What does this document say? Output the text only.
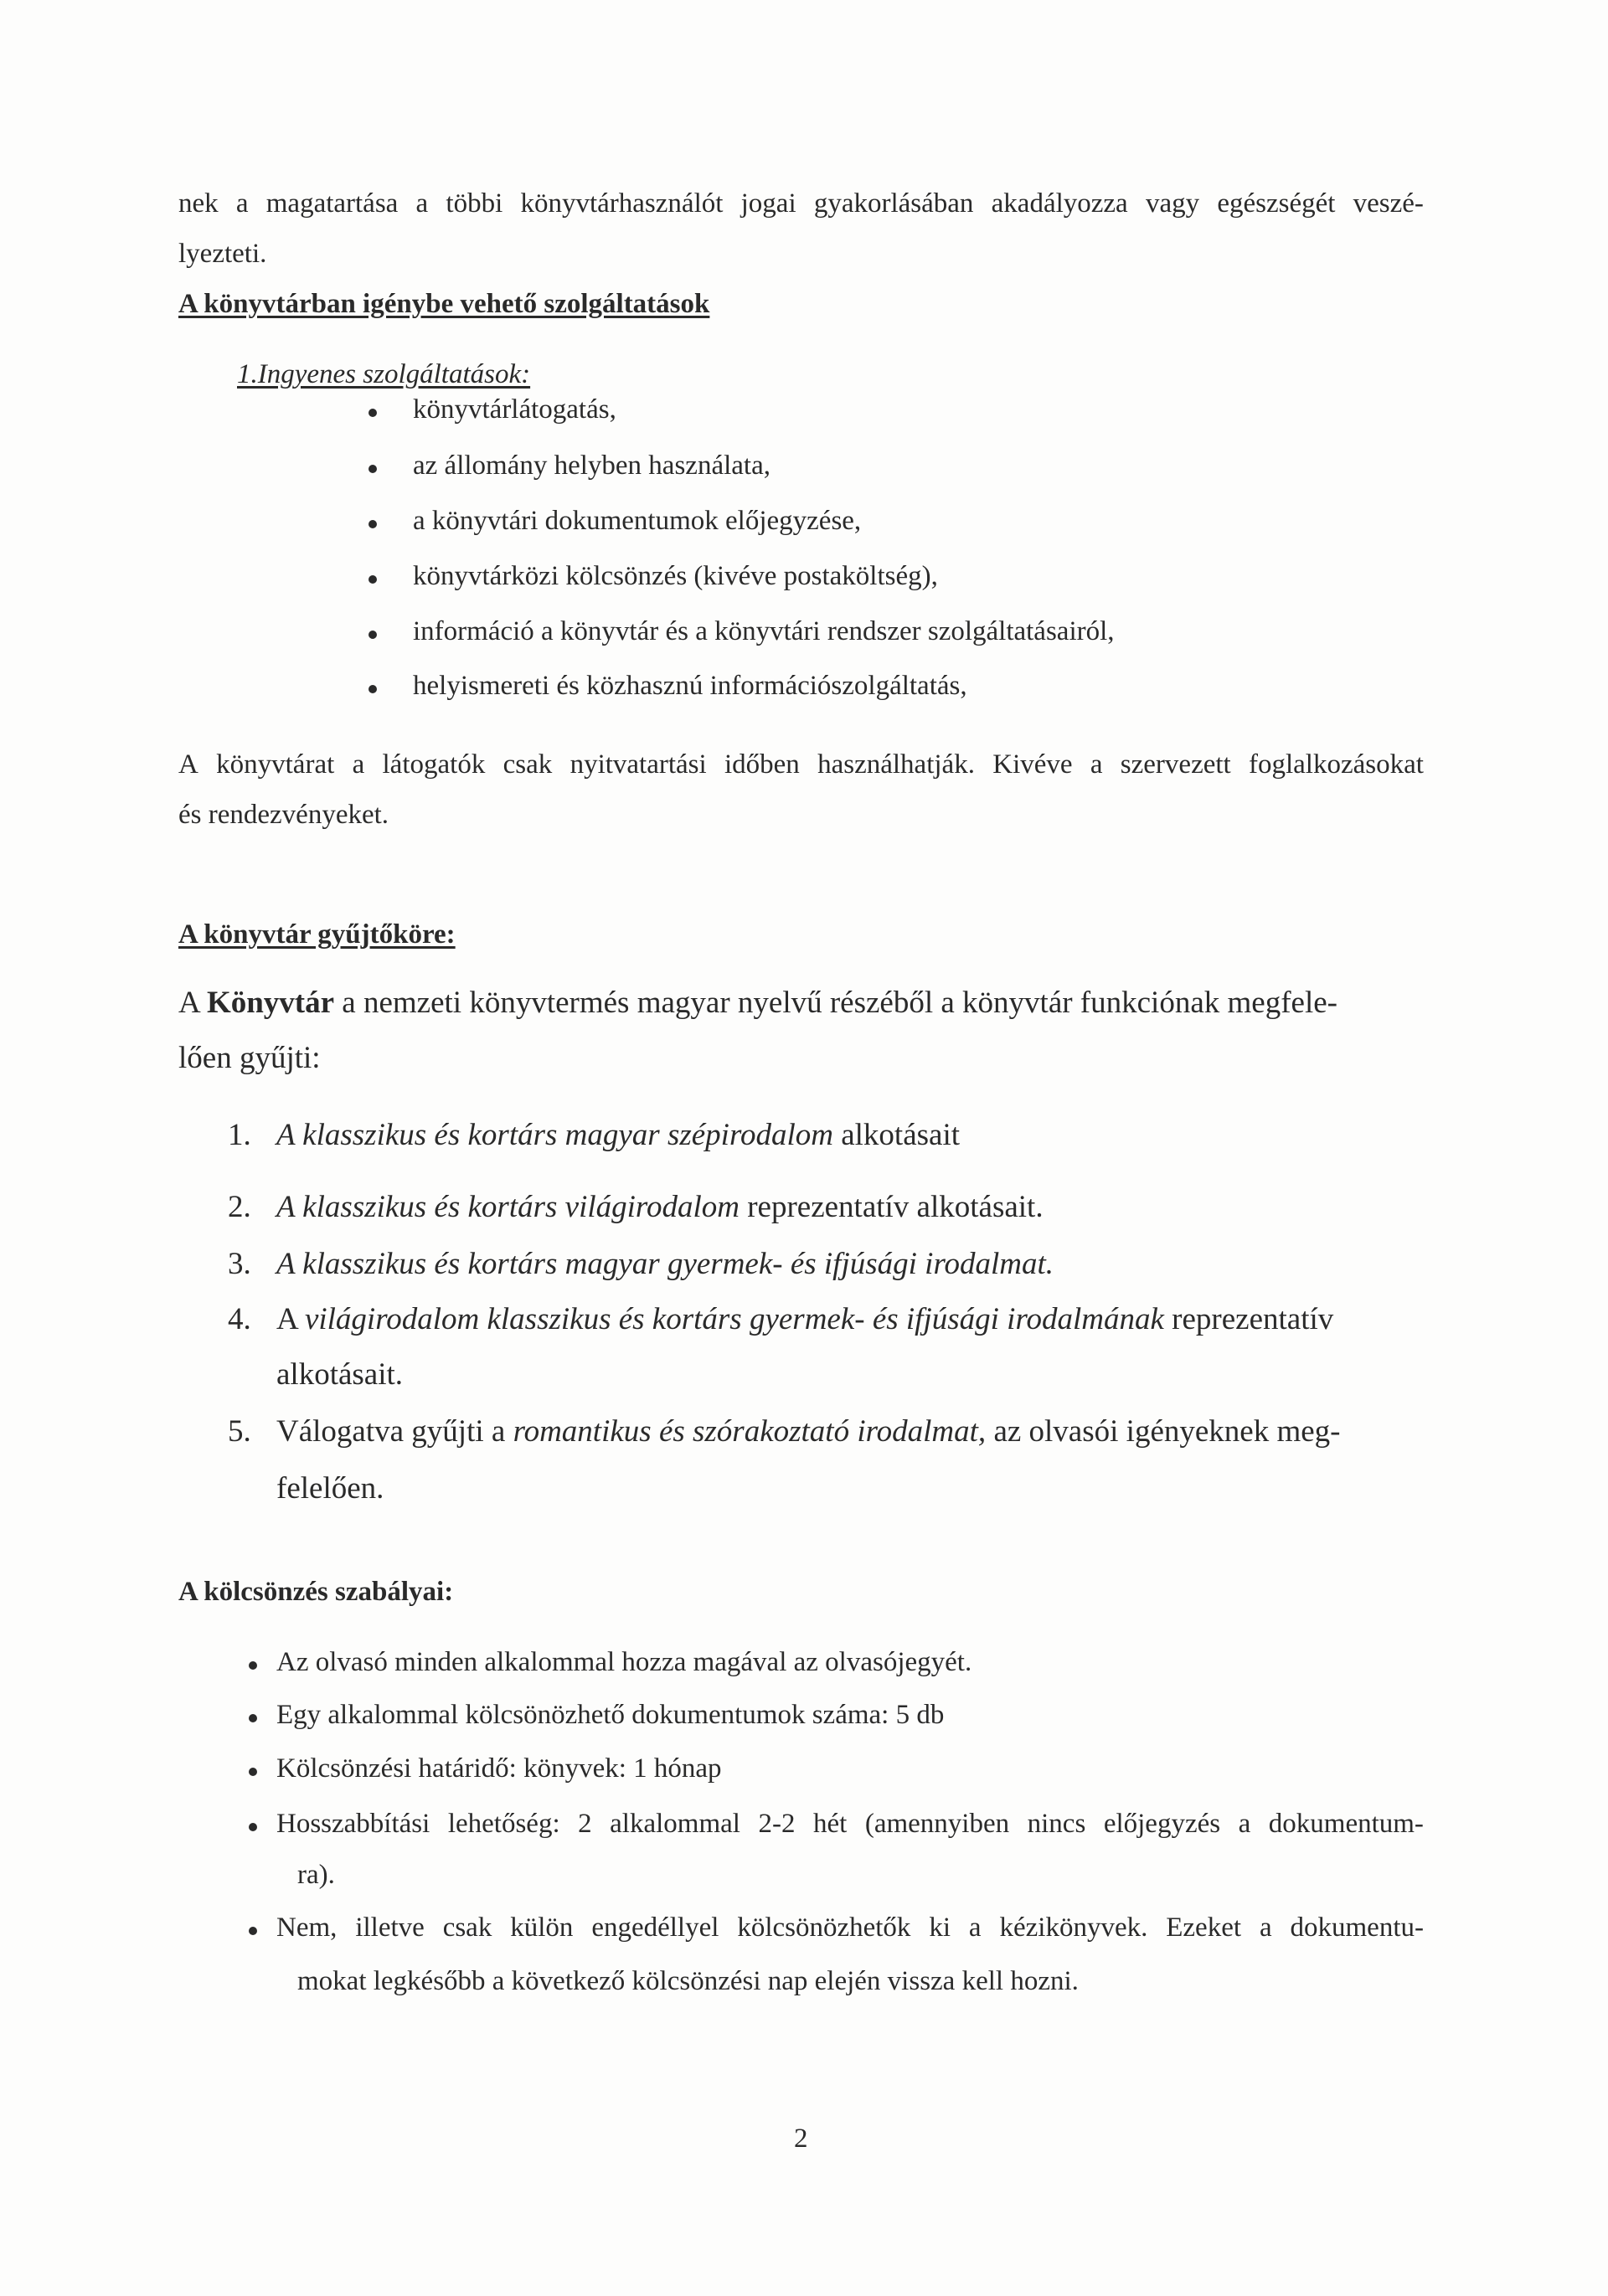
nek a magatartása a többi könyvtárhasználót jogai gyakorlásában akadályozza vagy egészségét veszé-
lyezteti.
A könyvtárban igénybe vehető szolgáltatások
1.Ingyenes szolgáltatások:
könyvtárlátogatás,
az állomány helyben használata,
a könyvtári dokumentumok előjegyzése,
könyvtárközi kölcsönzés (kivéve postaköltség),
információ a könyvtár és a könyvtári rendszer szolgáltatásairól,
helyismereti és közhasznú információszolgáltatás,
A könyvtárat a látogatók csak nyitvatartási időben használhatják. Kivéve a szervezett foglalkozásokat
és rendezvényeket.
A könyvtár gyűjtőköre:
A Könyvtár a nemzeti könyvtermés magyar nyelvű részéből a könyvtár funkciónak megfele-
lően gyűjti:
1. A klasszikus és kortárs magyar szépirodalom alkotásait
2. A klasszikus és kortárs világirodalom reprezentatív alkotásait.
3. A klasszikus és kortárs magyar gyermek- és ifjúsági irodalmat.
4. A világirodalom klasszikus és kortárs gyermek- és ifjúsági irodalmának reprezentatív
alkotásait.
5. Válogatva gyűjti a romantikus és szórakoztató irodalmat, az olvasói igényeknek meg-
felelően.
A kölcsönzés szabályai:
Az olvasó minden alkalommal hozza magával az olvasójegyét.
Egy alkalommal kölcsönözhető dokumentumok száma: 5 db
Kölcsönzési határidő: könyvek: 1 hónap
Hosszabbítási lehetőség: 2 alkalommal 2-2 hét (amennyiben nincs előjegyzés a dokumentum-
ra).
Nem, illetve csak külön engedéllyel kölcsönözhetők ki a kézikönyvek. Ezeket a dokumentu-
mokat legkésőbb a következő kölcsönzési nap elején vissza kell hozni.
2
